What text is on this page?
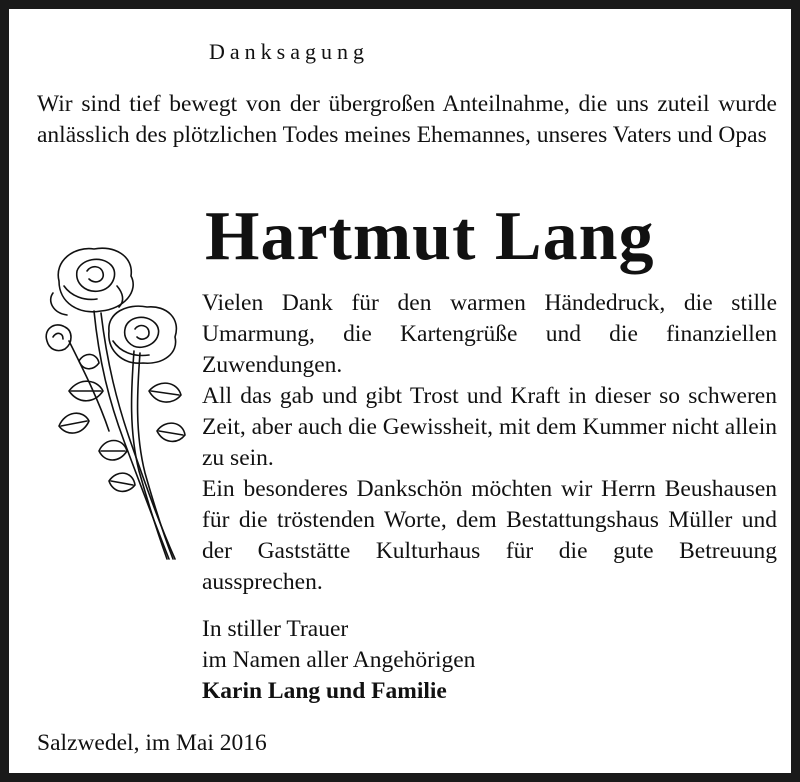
Danksagung
Wir sind tief bewegt von der übergroßen Anteilnahme, die uns zuteil wurde anlässlich des plötzlichen Todes meines Ehemannes, unseres Vaters und Opas
Hartmut Lang

Vielen Dank für den warmen Händedruck, die stille Umarmung, die Kartengrüße und die finanziellen Zuwendungen.

All das gab und gibt Trost und Kraft in dieser so schweren Zeit, aber auch die Gewissheit, mit dem Kummer nicht allein zu sein.

Ein besonderes Dankschön möchten wir Herrn Beushausen für die tröstenden Worte, dem Bestattungshaus Müller und der Gaststätte Kulturhaus für die gute Betreuung aussprechen.

In stiller Trauer
im Namen aller Angehörigen
Karin Lang und Familie
Salzwedel, im Mai 2016
